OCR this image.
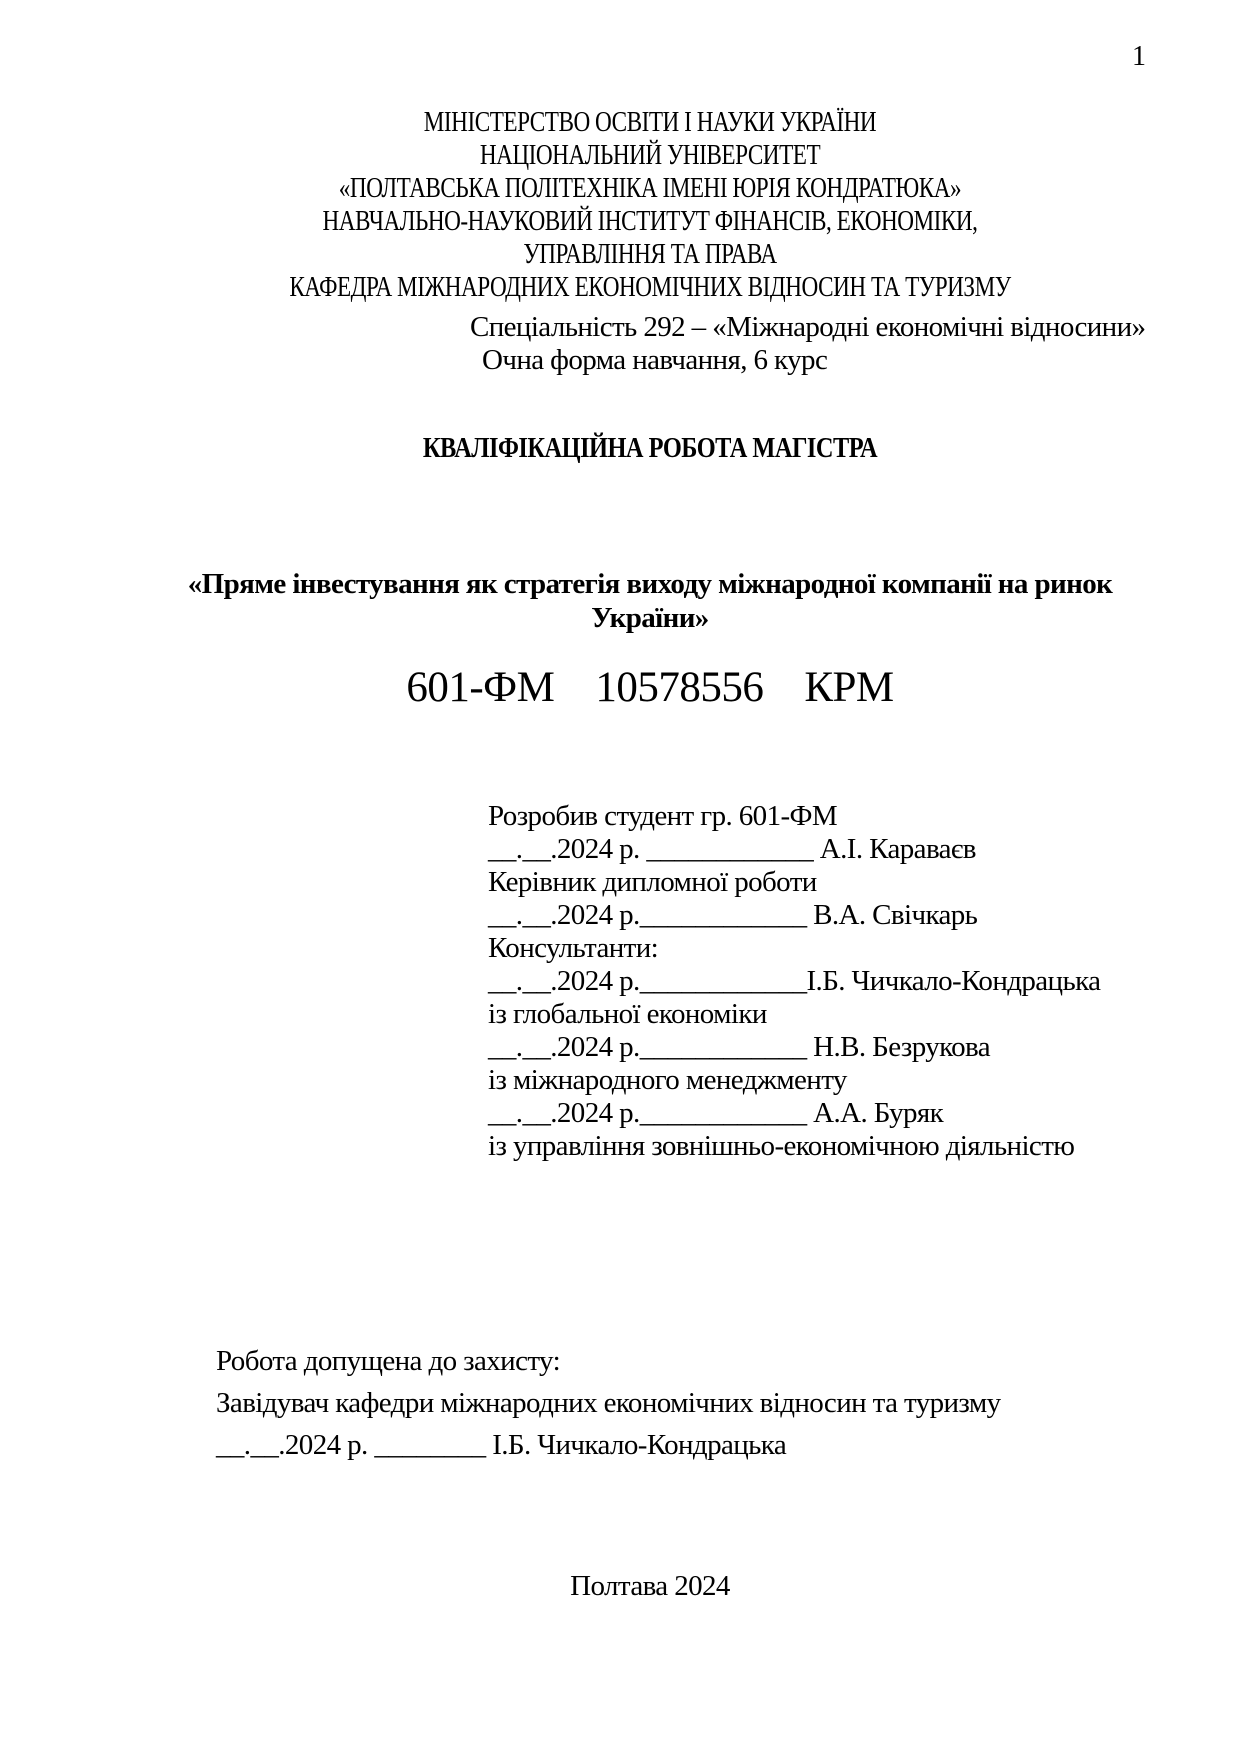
1
МІНІСТЕРСТВО ОСВІТИ І НАУКИ УКРАЇНИ
НАЦІОНАЛЬНИЙ УНІВЕРСИТЕТ
«ПОЛТАВСЬКА ПОЛІТЕХНІКА ІМЕНІ ЮРІЯ КОНДРАТЮКА»
НАВЧАЛЬНО-НАУКОВИЙ ІНСТИТУТ ФІНАНСІВ, ЕКОНОМІКИ,
УПРАВЛІННЯ ТА ПРАВА
КАФЕДРА МІЖНАРОДНИХ ЕКОНОМІЧНИХ ВІДНОСИН ТА ТУРИЗМУ
Спеціальність 292 – «Міжнародні економічні відносини»
Очна форма навчання, 6 курс
КВАЛІФІКАЦІЙНА РОБОТА МАГІСТРА
«Пряме інвестування як стратегія виходу міжнародної компанії на ринок
України»
601-ФМ    10578556    КРМ
Розробив студент гр. 601-ФМ
__.__.2024 р. ____________ А.І. Караваєв
Керівник дипломної роботи
__.__.2024 р.____________ В.А. Свічкарь
Консультанти:
__.__.2024 р.____________І.Б. Чичкало-Кондрацька
із глобальної економіки
__.__.2024 р.____________ Н.В. Безрукова
із міжнародного менеджменту
__.__.2024 р.____________ А.А. Буряк
із управління зовнішньо-економічною діяльністю
Робота допущена до захисту:
Завідувач кафедри міжнародних економічних відносин та туризму
__.__.2024 р. ________ І.Б. Чичкало-Кондрацька
Полтава 2024
